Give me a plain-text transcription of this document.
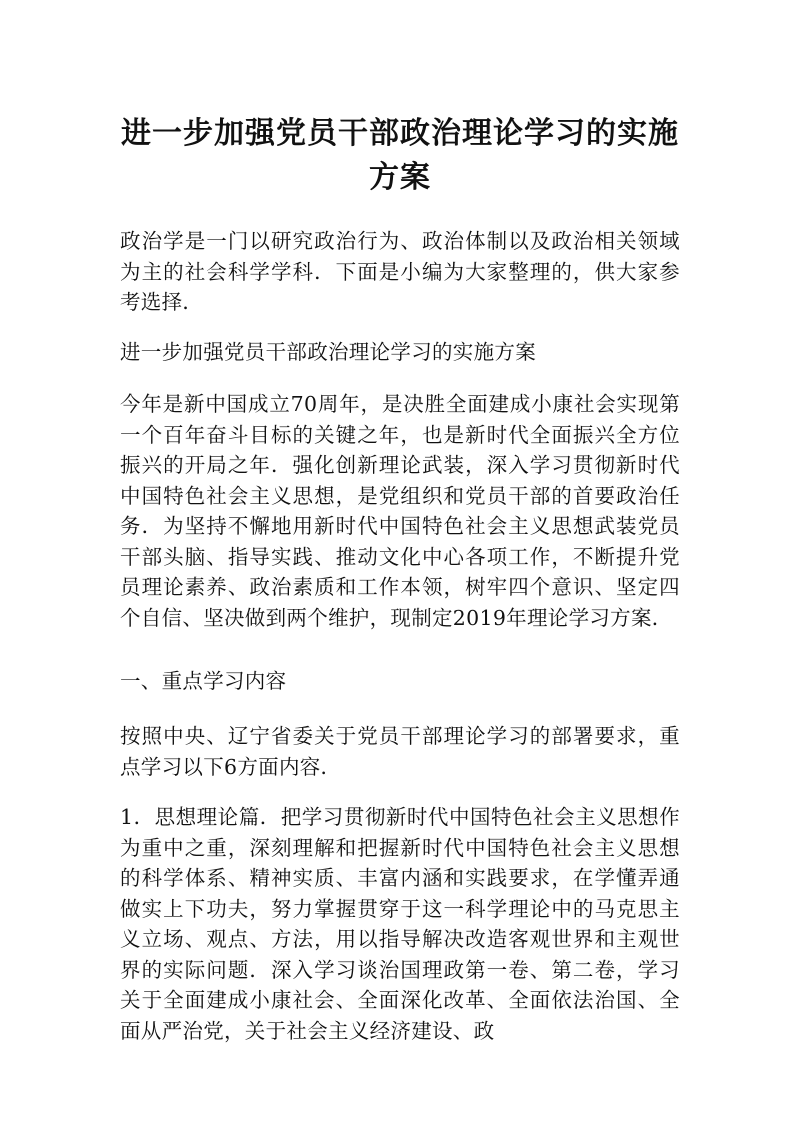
进一步加强党员干部政治理论学习的实施方案

政治学是一门以研究政治行为、政治体制以及政治相关领域为主的社会科学学科．下面是小编为大家整理的，供大家参考选择．

进一步加强党员干部政治理论学习的实施方案

今年是新中国成立70周年，是决胜全面建成小康社会实现第一个百年奋斗目标的关键之年，也是新时代全面振兴全方位振兴的开局之年．强化创新理论武装，深入学习贯彻新时代中国特色社会主义思想，是党组织和党员干部的首要政治任务．为坚持不懈地用新时代中国特色社会主义思想武装党员干部头脑、指导实践、推动文化中心各项工作，不断提升党员理论素养、政治素质和工作本领，树牢四个意识、坚定四个自信、坚决做到两个维护，现制定2019年理论学习方案．

一、重点学习内容

按照中央、辽宁省委关于党员干部理论学习的部署要求，重点学习以下6方面内容．

1．思想理论篇．把学习贯彻新时代中国特色社会主义思想作为重中之重，深刻理解和把握新时代中国特色社会主义思想的科学体系、精神实质、丰富内涵和实践要求，在学懂弄通做实上下功夫，努力掌握贯穿于这一科学理论中的马克思主义立场、观点、方法，用以指导解决改造客观世界和主观世界的实际问题．深入学习谈治国理政第一卷、第二卷，学习关于全面建成小康社会、全面深化改革、全面依法治国、全面从严治党，关于社会主义经济建设、政
